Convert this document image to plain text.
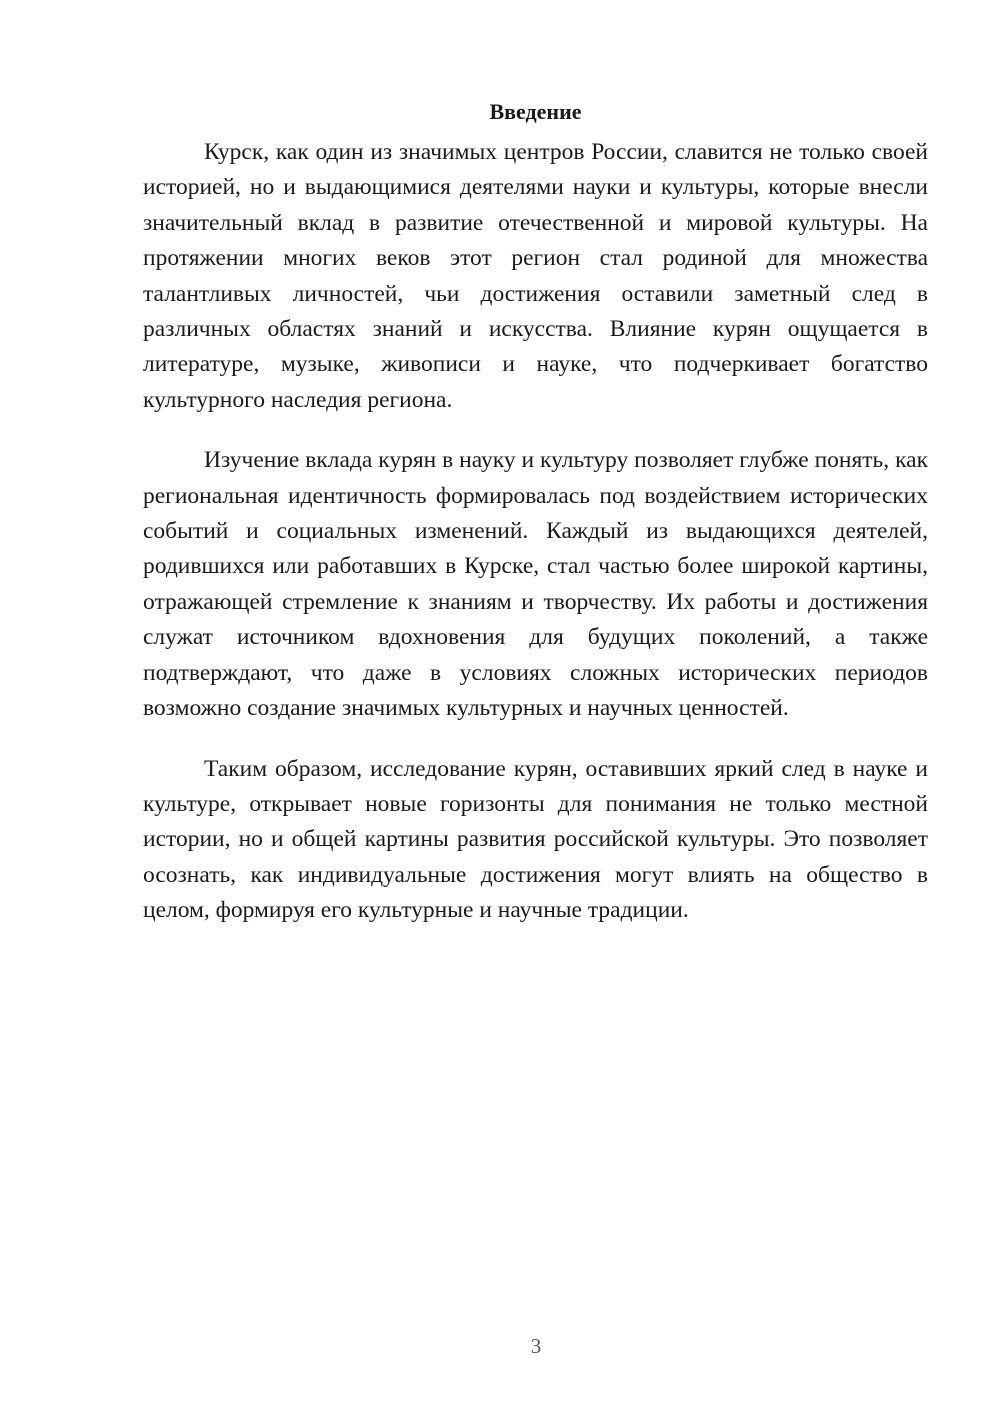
Введение

Курск, как один из значимых центров России, славится не только своей историей, но и выдающимися деятелями науки и культуры, которые внесли значительный вклад в развитие отечественной и мировой культуры. На протяжении многих веков этот регион стал родиной для множества талантливых личностей, чьи достижения оставили заметный след в различных областях знаний и искусства. Влияние курян ощущается в литературе, музыке, живописи и науке, что подчеркивает богатство культурного наследия региона.

Изучение вклада курян в науку и культуру позволяет глубже понять, как региональная идентичность формировалась под воздействием исторических событий и социальных изменений. Каждый из выдающихся деятелей, родившихся или работавших в Курске, стал частью более широкой картины, отражающей стремление к знаниям и творчеству. Их работы и достижения служат источником вдохновения для будущих поколений, а также подтверждают, что даже в условиях сложных исторических периодов возможно создание значимых культурных и научных ценностей.

Таким образом, исследование курян, оставивших яркий след в науке и культуре, открывает новые горизонты для понимания не только местной истории, но и общей картины развития российской культуры. Это позволяет осознать, как индивидуальные достижения могут влиять на общество в целом, формируя его культурные и научные традиции.

3
